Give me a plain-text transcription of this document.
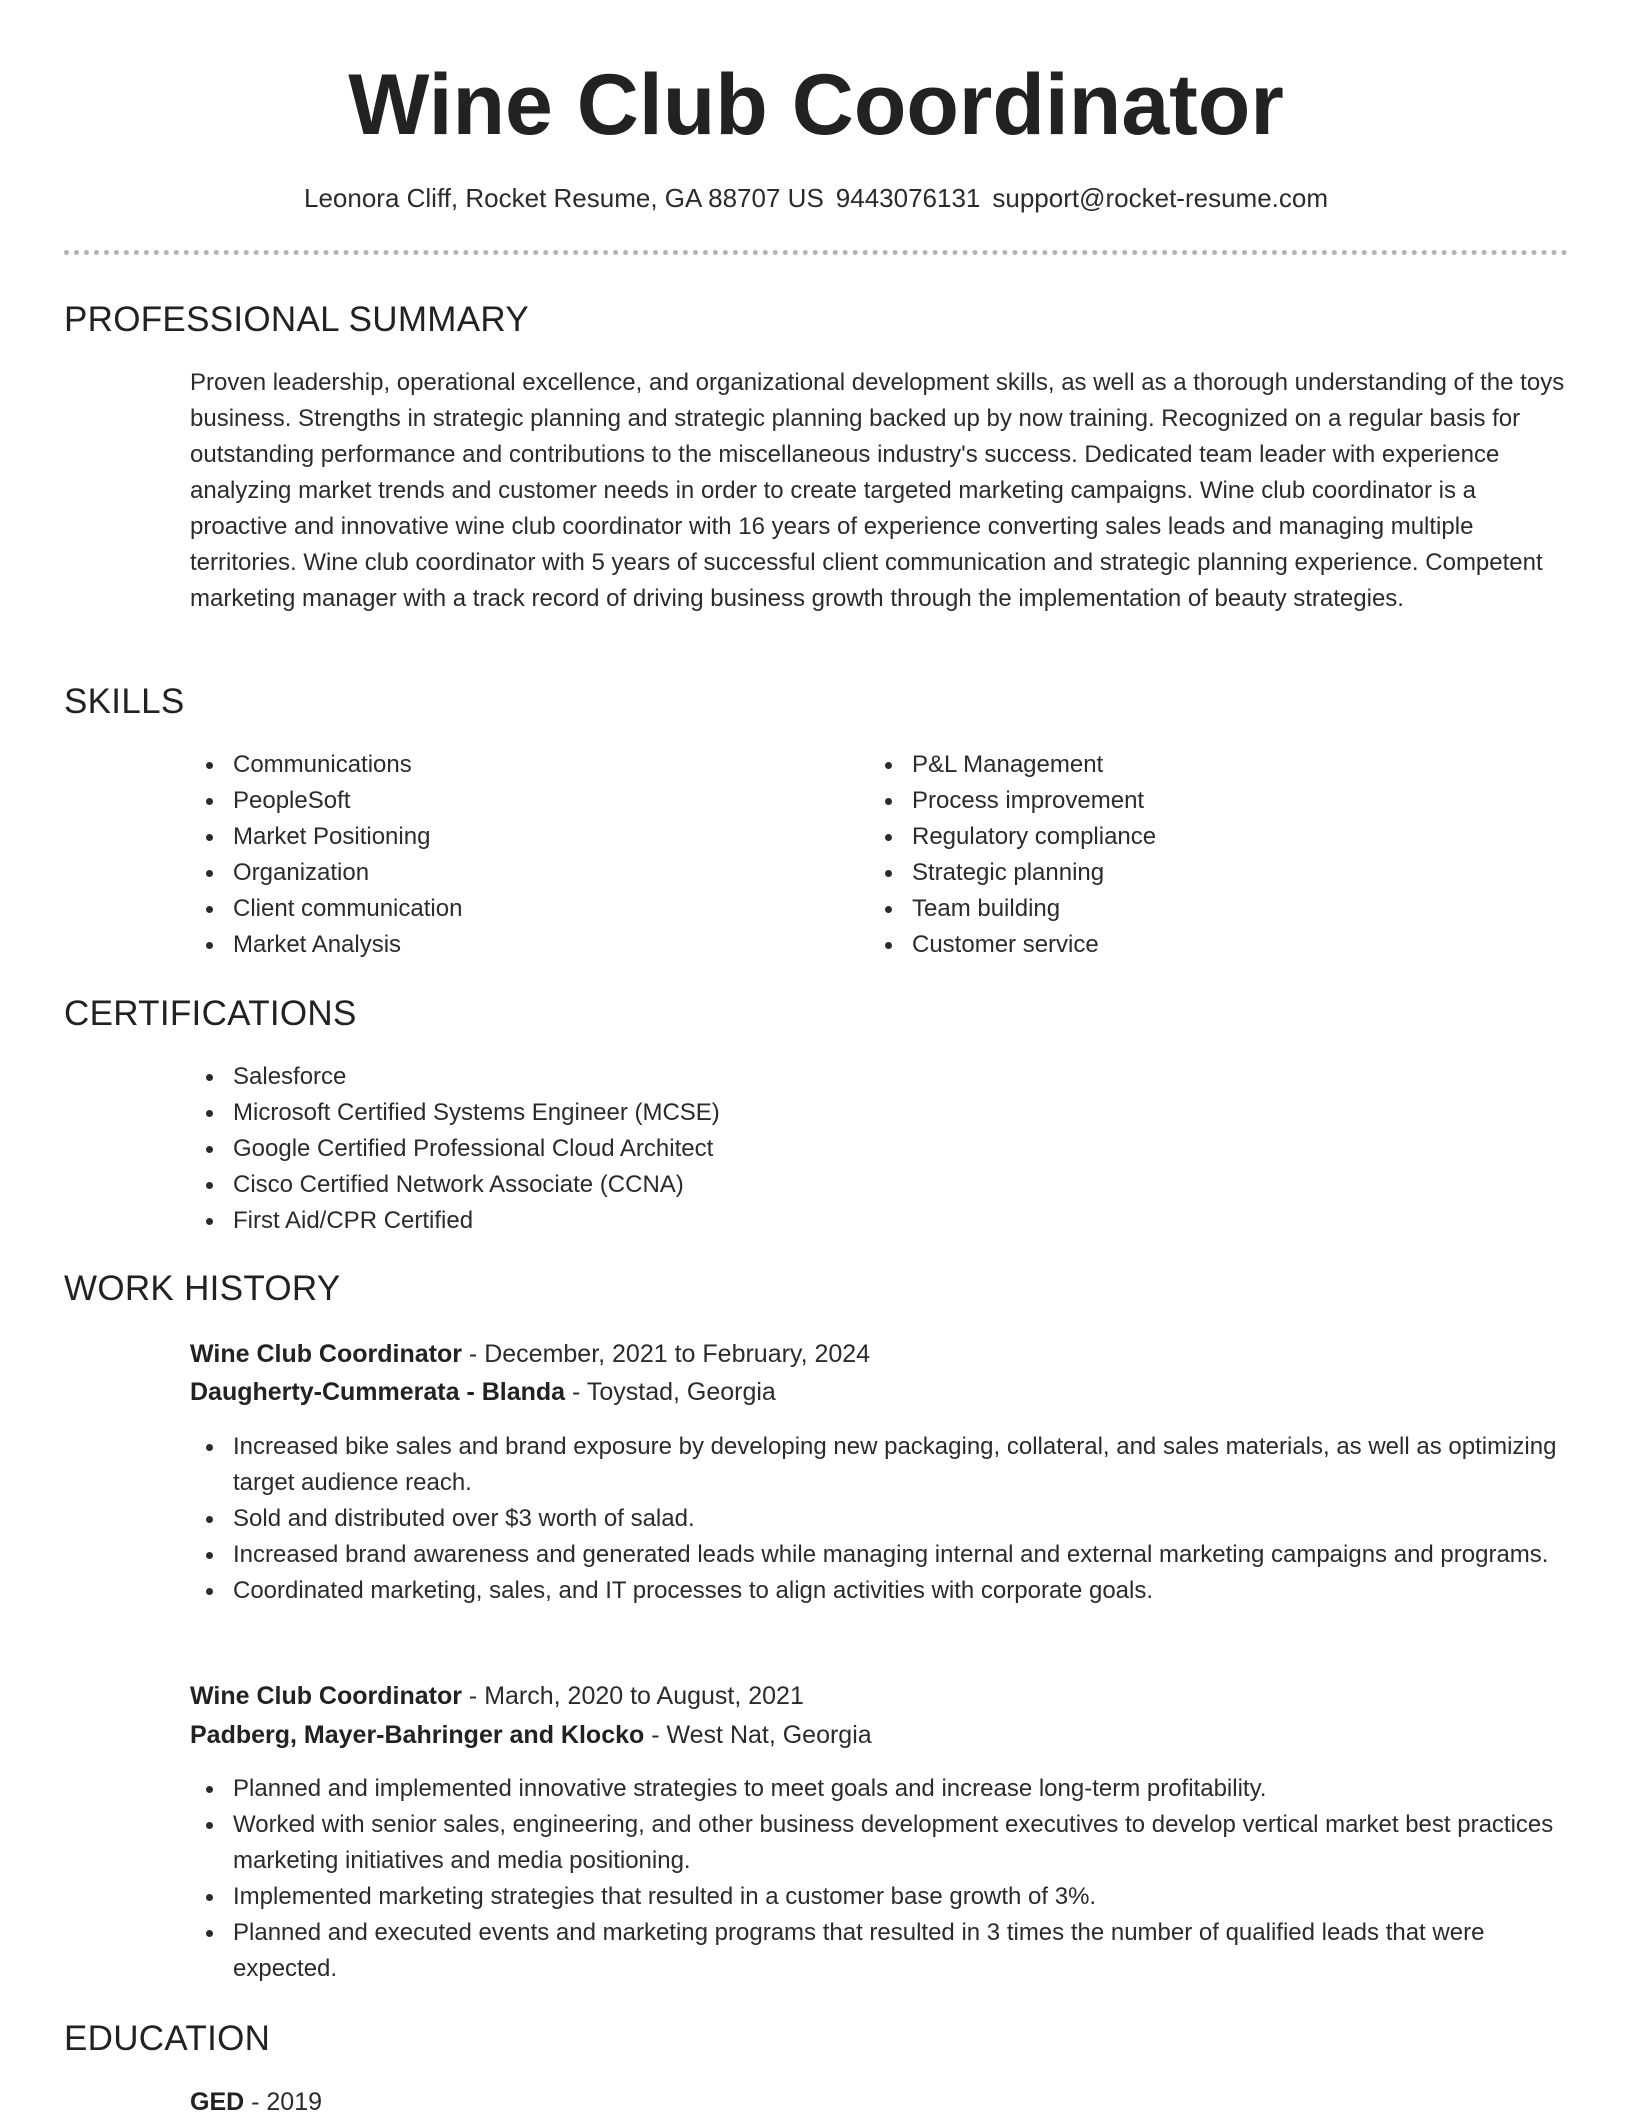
Wine Club Coordinator
Leonora Cliff, Rocket Resume, GA 88707 US 9443076131 support@rocket-resume.com
PROFESSIONAL SUMMARY

Proven leadership, operational excellence, and organizational development skills, as well as a thorough understanding of the toys business. Strengths in strategic planning and strategic planning backed up by now training. Recognized on a regular basis for outstanding performance and contributions to the miscellaneous industry's success. Dedicated team leader with experience analyzing market trends and customer needs in order to create targeted marketing campaigns. Wine club coordinator is a proactive and innovative wine club coordinator with 16 years of experience converting sales leads and managing multiple territories. Wine club coordinator with 5 years of successful client communication and strategic planning experience. Competent marketing manager with a track record of driving business growth through the implementation of beauty strategies.

SKILLS
Communications
PeopleSoft
Market Positioning
Organization
Client communication
Market Analysis
P&L Management
Process improvement
Regulatory compliance
Strategic planning
Team building
Customer service
CERTIFICATIONS
Salesforce
Microsoft Certified Systems Engineer (MCSE)
Google Certified Professional Cloud Architect
Cisco Certified Network Associate (CCNA)
First Aid/CPR Certified
WORK HISTORY
Wine Club Coordinator - December, 2021 to February, 2024
Daugherty-Cummerata - Blanda - Toystad, Georgia
Increased bike sales and brand exposure by developing new packaging, collateral, and sales materials, as well as optimizing target audience reach.
Sold and distributed over $3 worth of salad.
Increased brand awareness and generated leads while managing internal and external marketing campaigns and programs.
Coordinated marketing, sales, and IT processes to align activities with corporate goals.
Wine Club Coordinator - March, 2020 to August, 2021
Padberg, Mayer-Bahringer and Klocko - West Nat, Georgia
Planned and implemented innovative strategies to meet goals and increase long-term profitability.
Worked with senior sales, engineering, and other business development executives to develop vertical market best practices marketing initiatives and media positioning.
Implemented marketing strategies that resulted in a customer base growth of 3%.
Planned and executed events and marketing programs that resulted in 3 times the number of qualified leads that were expected.
EDUCATION
GED - 2019
